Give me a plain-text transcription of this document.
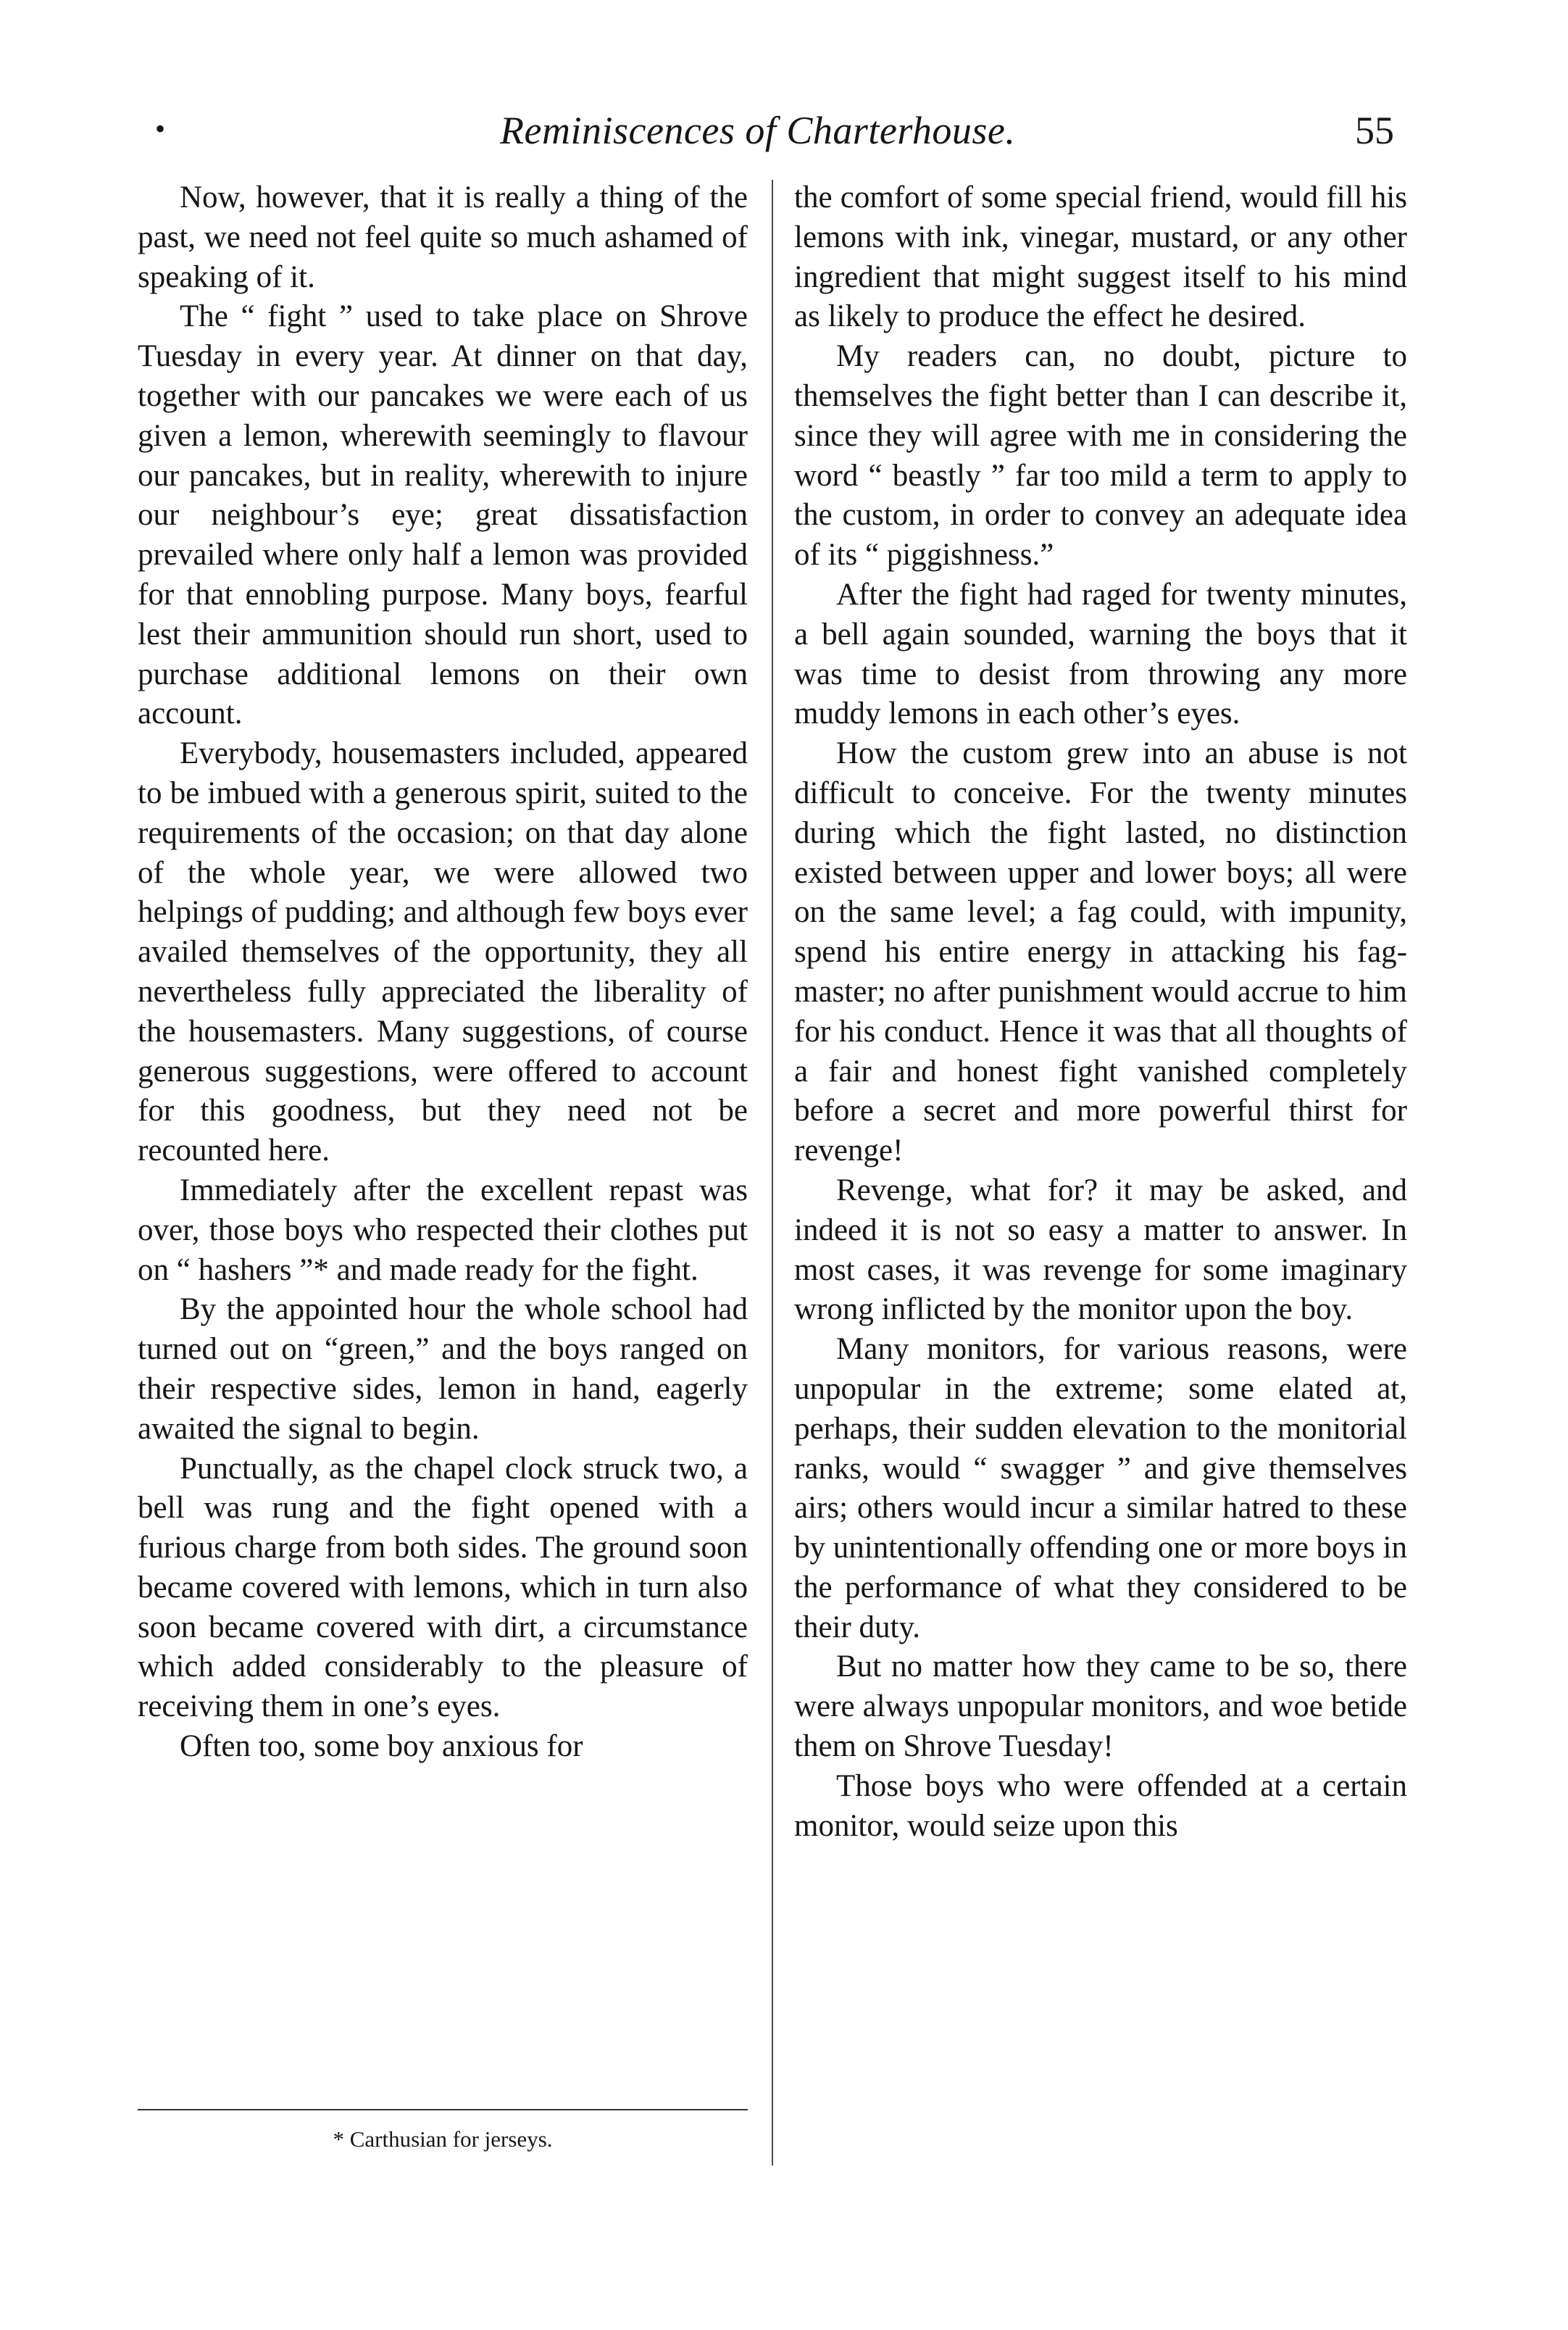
•	Reminiscences of Charterhouse.	55

Now, however, that it is really a thing of the past, we need not feel quite so much ashamed of speaking of it.

The “ fight ” used to take place on Shrove Tuesday in every year. At dinner on that day, together with our pancakes we were each of us given a lemon, wherewith seemingly to flavour our pancakes, but in reality, wherewith to injure our neighbour’s eye; great dissatisfaction prevailed where only half a lemon was provided for that ennobling purpose. Many boys, fearful lest their ammunition should run short, used to purchase additional lemons on their own account.

Everybody, housemasters included, appeared to be imbued with a generous spirit, suited to the requirements of the occasion; on that day alone of the whole year, we were allowed two helpings of pudding; and although few boys ever availed themselves of the opportunity, they all nevertheless fully appreciated the liberality of the housemasters. Many suggestions, of course generous suggestions, were offered to account for this goodness, but they need not be recounted here.

Immediately after the excellent repast was over, those boys who respected their clothes put on “ hashers ”* and made ready for the fight.

By the appointed hour the whole school had turned out on “green,” and the boys ranged on their respective sides, lemon in hand, eagerly awaited the signal to begin.

Punctually, as the chapel clock struck two, a bell was rung and the fight opened with a furious charge from both sides. The ground soon became covered with lemons, which in turn also soon became covered with dirt, a circumstance which added considerably to the pleasure of receiving them in one’s eyes.

Often too, some boy anxious for

the comfort of some special friend, would fill his lemons with ink, vinegar, mustard, or any other ingredient that might suggest itself to his mind as likely to produce the effect he desired.

My readers can, no doubt, picture to themselves the fight better than I can describe it, since they will agree with me in considering the word “ beastly ” far too mild a term to apply to the custom, in order to convey an adequate idea of its “ piggishness.”

After the fight had raged for twenty minutes, a bell again sounded, warning the boys that it was time to desist from throwing any more muddy lemons in each other’s eyes.

How the custom grew into an abuse is not difficult to conceive. For the twenty minutes during which the fight lasted, no distinction existed between upper and lower boys; all were on the same level; a fag could, with impunity, spend his entire energy in attacking his fag-master; no after punishment would accrue to him for his conduct. Hence it was that all thoughts of a fair and honest fight vanished completely before a secret and more powerful thirst for revenge!

Revenge, what for? it may be asked, and indeed it is not so easy a matter to answer. In most cases, it was revenge for some imaginary wrong inflicted by the monitor upon the boy.

Many monitors, for various reasons, were unpopular in the extreme; some elated at, perhaps, their sudden elevation to the monitorial ranks, would “ swagger ” and give themselves airs; others would incur a similar hatred to these by unintentionally offending one or more boys in the performance of what they considered to be their duty.

But no matter how they came to be so, there were always unpopular monitors, and woe betide them on Shrove Tuesday!

Those boys who were offended at a certain monitor, would seize upon this

* Carthusian for jerseys.
